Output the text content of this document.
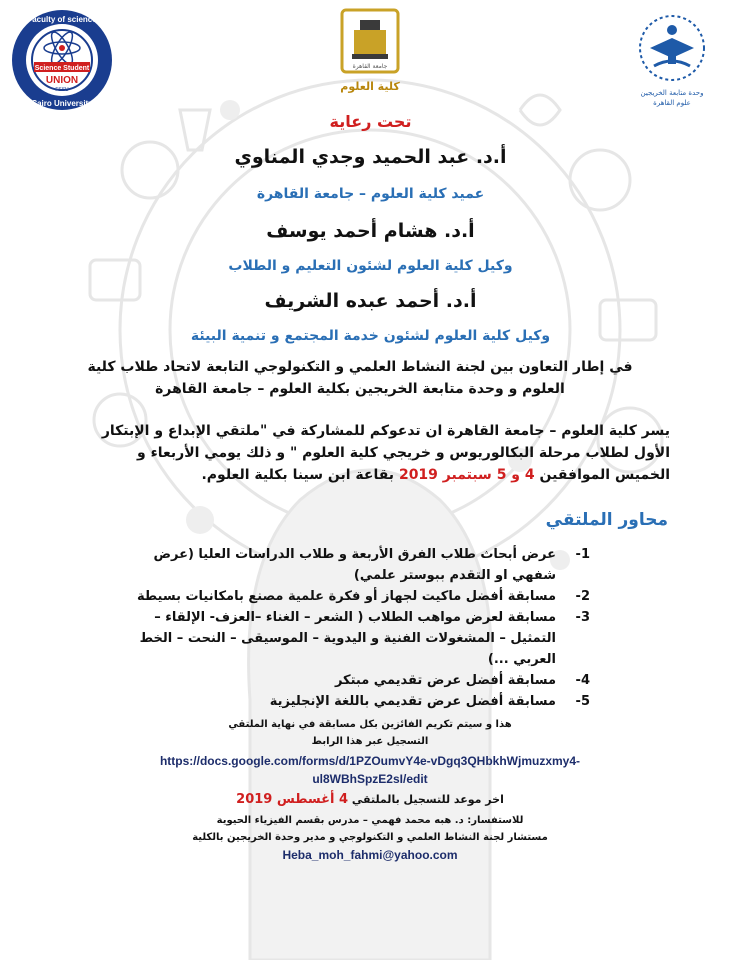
Science Student
UNION
FSSU
Faculty of science
Cairo University
جامعة القاهرة
كلية العلوم	وحدة متابعة الخريجين
علوم القاهرة
تحت رعاية
أ.د. عبد الحميد وجدي المناوي
عميد كلية العلوم – جامعة القاهرة
أ.د. هشام أحمد يوسف
وكيل كلية العلوم لشئون التعليم و الطلاب
أ.د. أحمد عبده الشريف
وكيل كلية العلوم لشئون خدمة المجتمع و تنمية البيئة
في إطار التعاون بين لجنة النشاط العلمي و التكنولوجي التابعة لاتحاد طلاب كلية
العلوم و وحدة متابعة الخريجين بكلية العلوم – جامعة القاهرة
يسر كلية العلوم – جامعة القاهرة ان تدعوكم للمشاركة في "ملتقي الإبداع و الإبتكار
الأول لطلاب مرحلة البكالوريوس و خريجي كلية العلوم " و ذلك يومي الأربعاء و
الخميس الموافقين 4 و 5 سبتمبر 2019 بقاعة ابن سينا بكلية العلوم.
محاور الملتقي
-1
عرض أبحاث طلاب الفرق الأربعة و طلاب الدراسات العليا (عرض شفهي او التقدم ببوستر علمي)
-2
مسابقة أفضل ماكيت لجهاز أو فكرة علمية مصنع بامكانيات بسيطة
-3
مسابقة لعرض مواهب الطلاب ( الشعر – الغناء –العزف- الإلقاء – التمثيل – المشغولات الفنية و اليدوية – الموسيقى – النحت – الخط العربي ...)
-4
مسابقة أفضل عرض تقديمي مبتكر
-5
مسابقة أفضل عرض تقديمي باللغة الإنجليزية
هذا و سيتم تكريم الفائزين بكل مسابقة في نهاية الملتقي
التسجيل عبر هذا الرابط
https://docs.google.com/forms/d/1PZOumvY4e-vDgq3QHbkhWjmuzxmy4-
ul8WBhSpzE2sI/edit
اخر موعد للتسجيل بالملتقي 4 أغسطس 2019
للاستفسار: د. هبه محمد فهمي – مدرس بقسم الفيزياء الحيوية
مستشار لجنة النشاط العلمي و التكنولوجي و مدير وحدة الخريجين بالكلية
Heba_moh_fahmi@yahoo.com
